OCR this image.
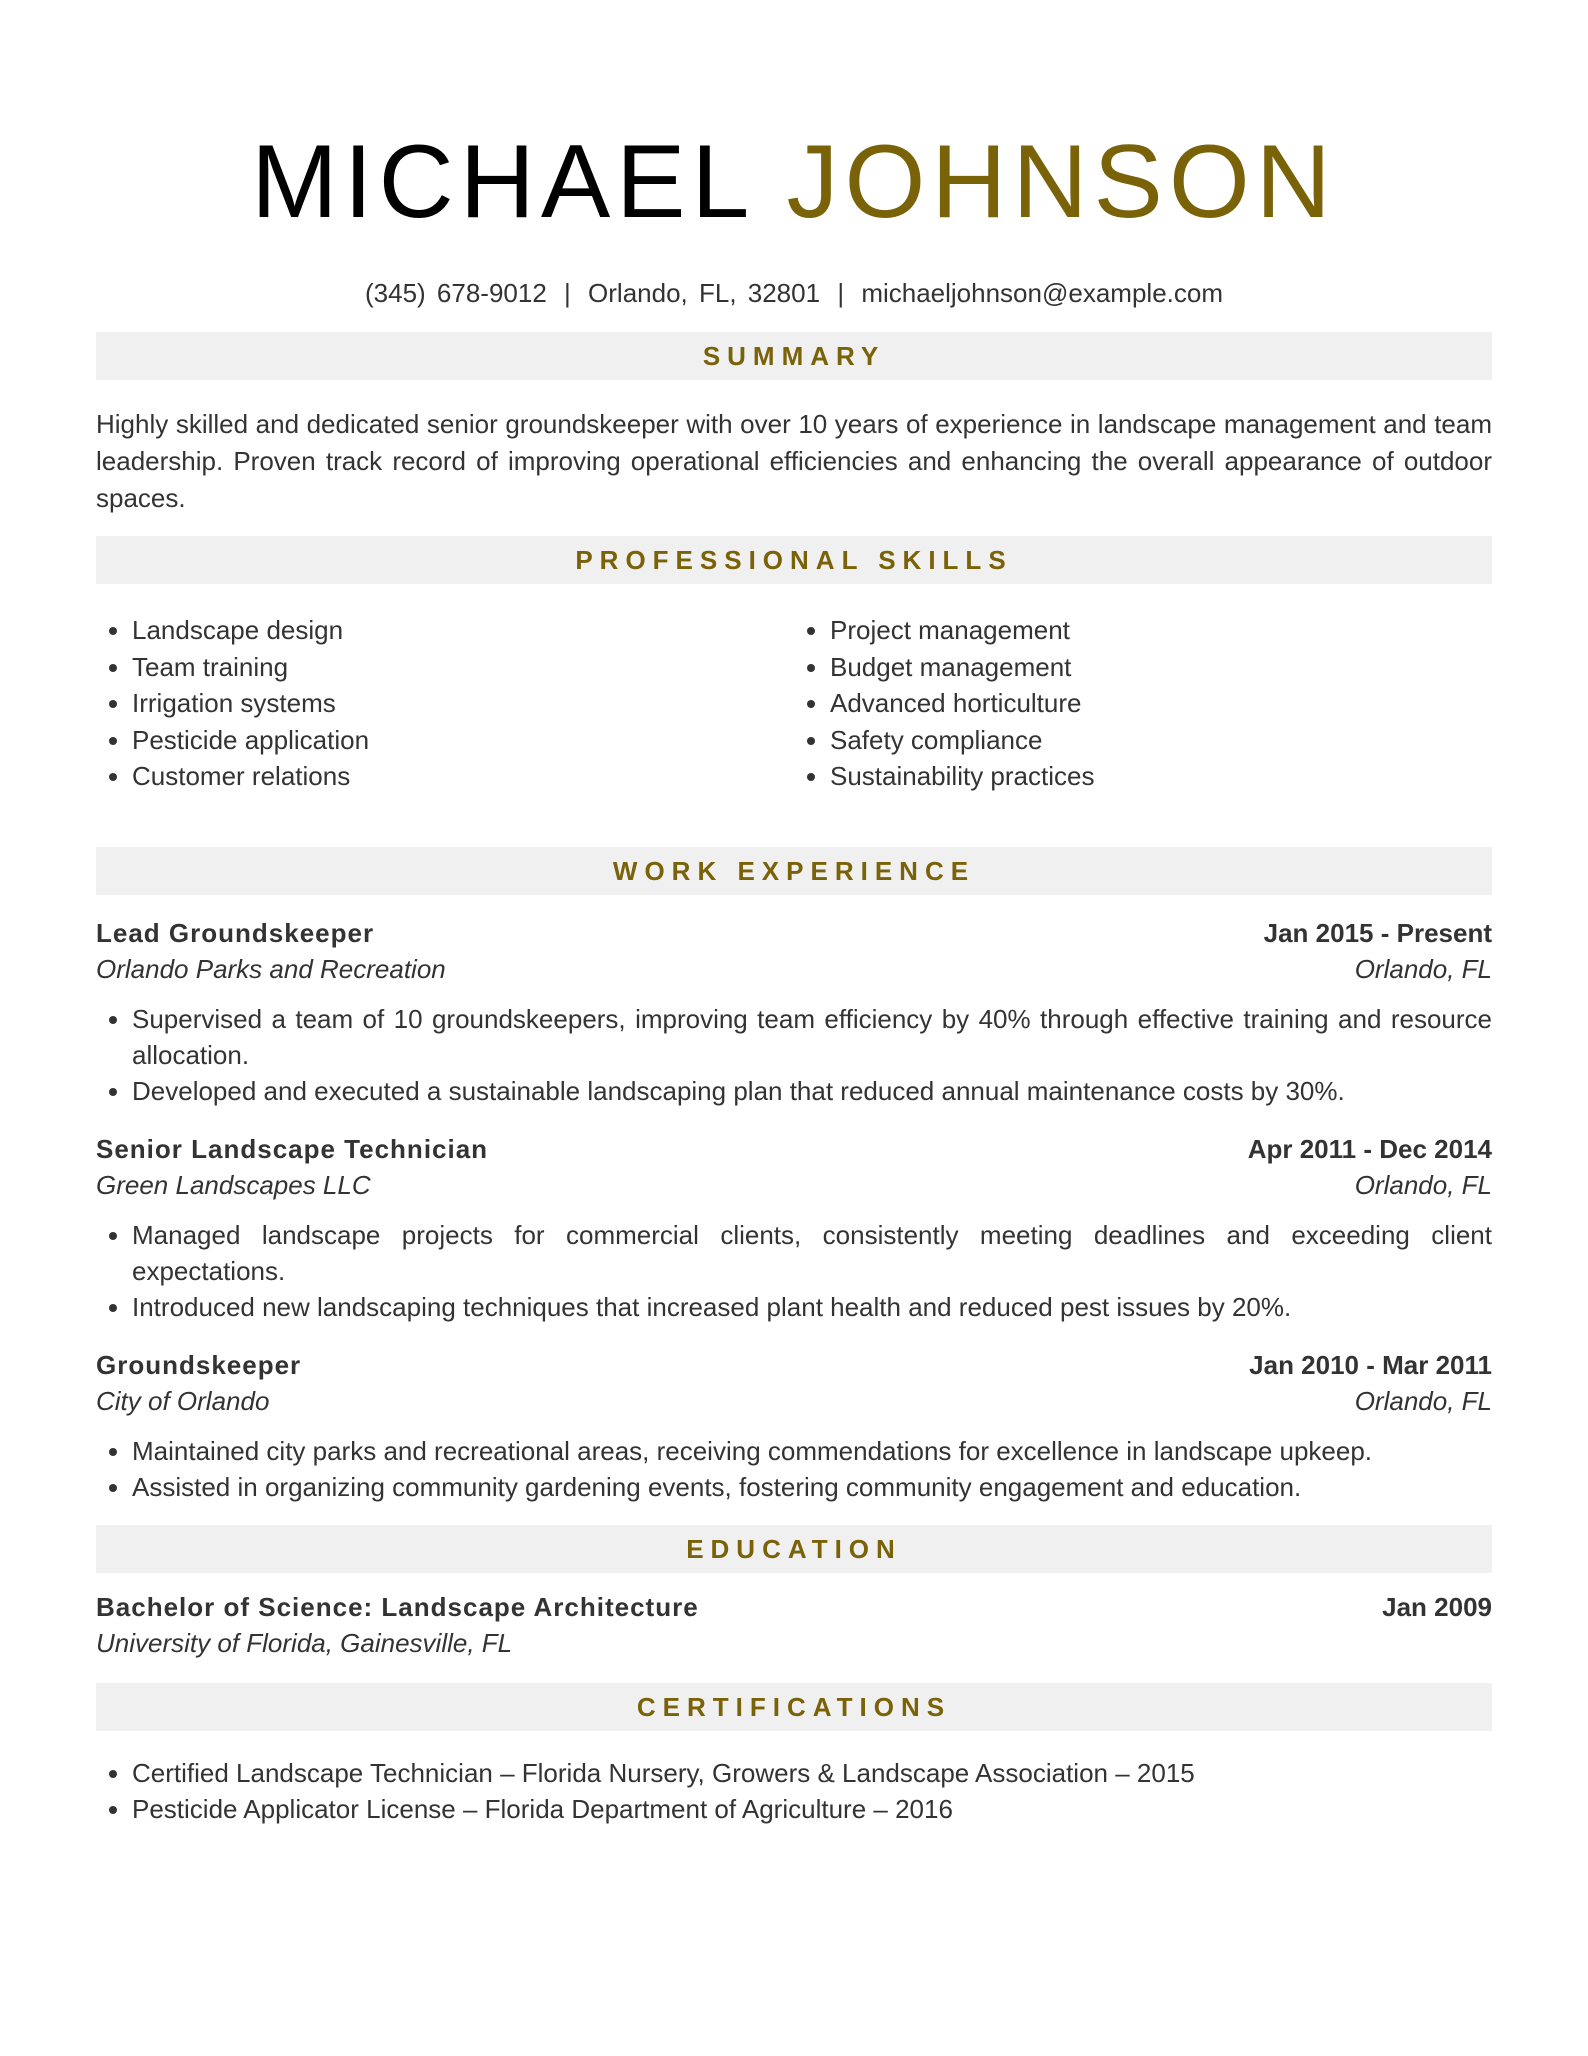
MICHAEL JOHNSON
(345) 678-9012 | Orlando, FL, 32801 | michaeljohnson@example.com
SUMMARY

Highly skilled and dedicated senior groundskeeper with over 10 years of experience in landscape management and team leadership. Proven track record of improving operational efficiencies and enhancing the overall appearance of outdoor spaces.

PROFESSIONAL SKILLS
• Landscape design
• Team training
• Irrigation systems
• Pesticide application
• Customer relations
• Project management
• Budget management
• Advanced horticulture
• Safety compliance
• Sustainability practices
WORK EXPERIENCE
Lead Groundskeeper	Jan 2015 - Present
Orlando Parks and Recreation	Orlando, FL
• Supervised a team of 10 groundskeepers, improving team efficiency by 40% through effective training and resource allocation.
• Developed and executed a sustainable landscaping plan that reduced annual maintenance costs by 30%.
Senior Landscape Technician	Apr 2011 - Dec 2014
Green Landscapes LLC	Orlando, FL
• Managed landscape projects for commercial clients, consistently meeting deadlines and exceeding client expectations.
• Introduced new landscaping techniques that increased plant health and reduced pest issues by 20%.
Groundskeeper	Jan 2010 - Mar 2011
City of Orlando	Orlando, FL
• Maintained city parks and recreational areas, receiving commendations for excellence in landscape upkeep.
• Assisted in organizing community gardening events, fostering community engagement and education.
EDUCATION
Bachelor of Science: Landscape Architecture	Jan 2009
University of Florida, Gainesville, FL
CERTIFICATIONS
• Certified Landscape Technician – Florida Nursery, Growers & Landscape Association – 2015
• Pesticide Applicator License – Florida Department of Agriculture – 2016
